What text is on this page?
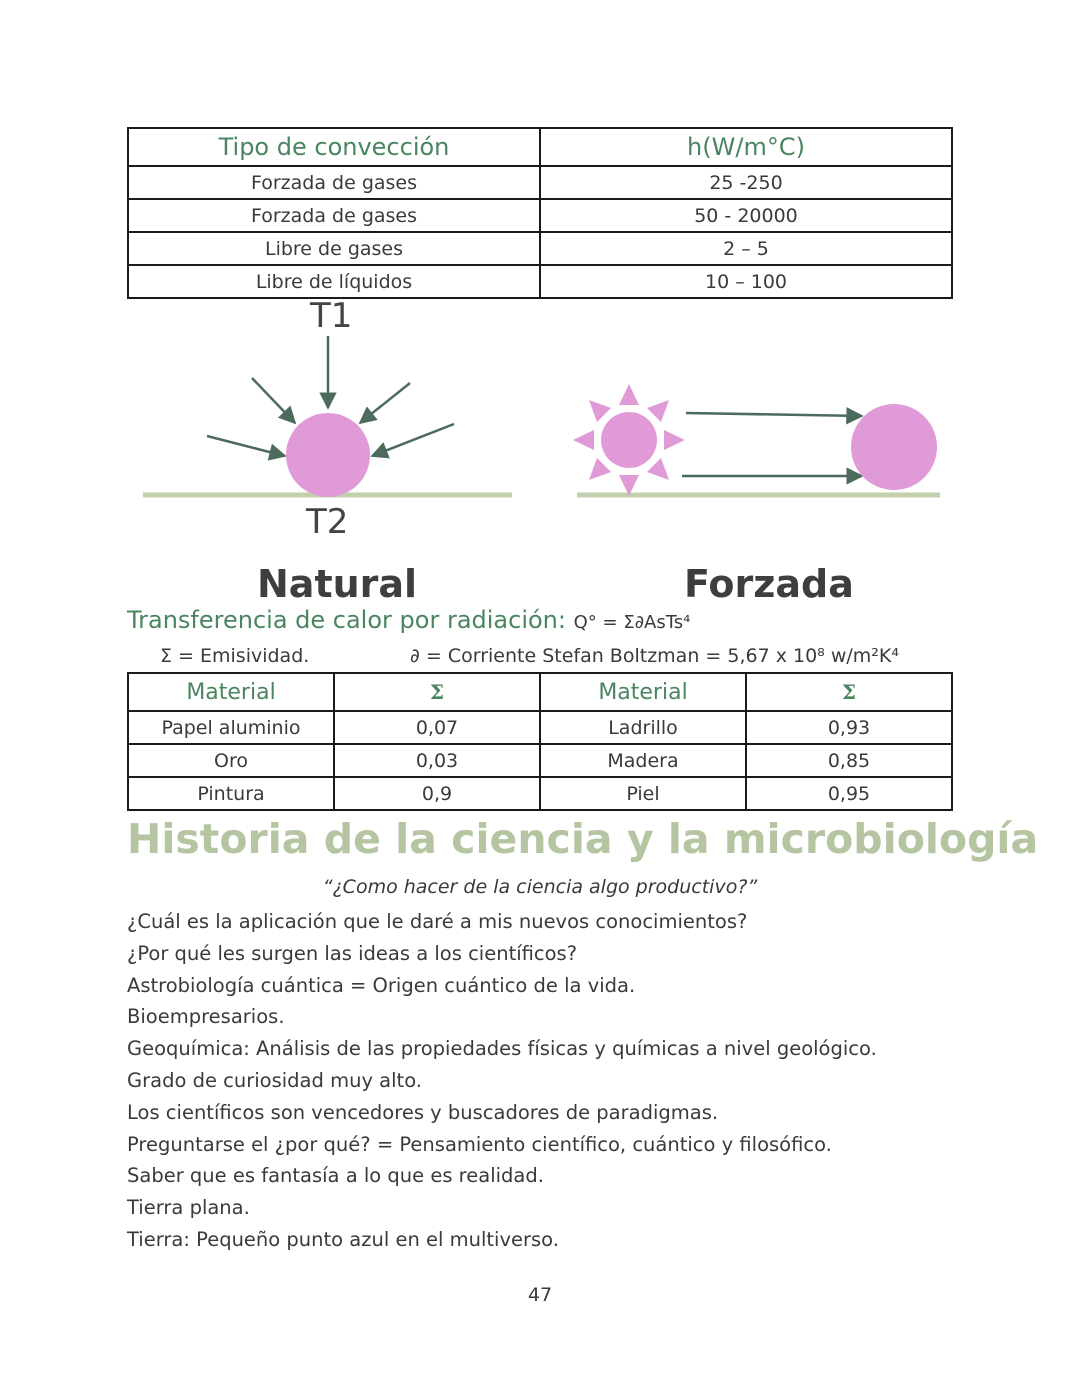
Tipo de convección	h(W/m°C)
Forzada de gases	25 -250
Forzada de gases	50 - 20000
Libre de gases	2 – 5
Libre de líquidos	10 – 100
T1
T2
Natural	Forzada
Transferencia de calor por radiación: Q° = Σ∂AsTs⁴
Σ = Emisividad.	∂ = Corriente Stefan Boltzman = 5,67 x 10⁸ w/m²K⁴
Material	Σ	Material	Σ
Papel aluminio	0,07	Ladrillo	0,93
Oro	0,03	Madera	0,85
Pintura	0,9	Piel	0,95
Historia de la ciencia y la microbiología
“¿Como hacer de la ciencia algo productivo?”
¿Cuál es la aplicación que le daré a mis nuevos conocimientos?
¿Por qué les surgen las ideas a los científicos?
Astrobiología cuántica = Origen cuántico de la vida.
Bioempresarios.
Geoquímica: Análisis de las propiedades físicas y químicas a nivel geológico.
Grado de curiosidad muy alto.
Los científicos son vencedores y buscadores de paradigmas.
Preguntarse el ¿por qué? = Pensamiento científico, cuántico y filosófico.
Saber que es fantasía a lo que es realidad.
Tierra plana.
Tierra: Pequeño punto azul en el multiverso.
47
